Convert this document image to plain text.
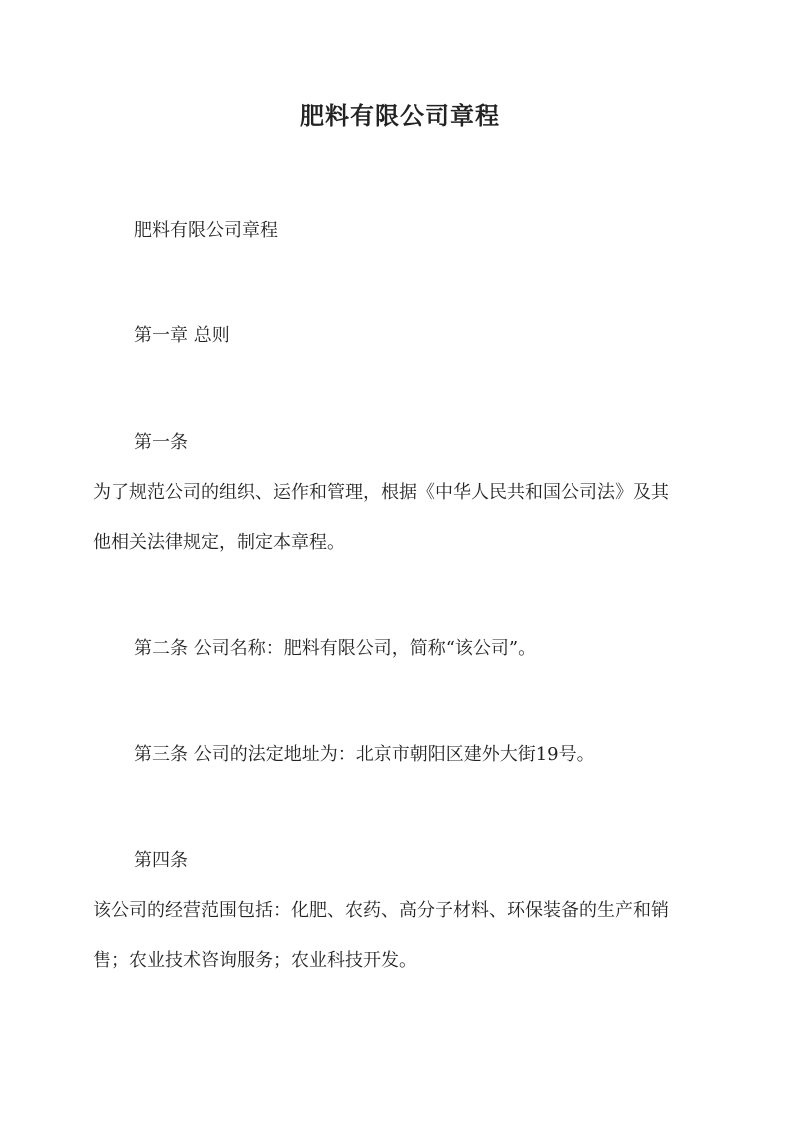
肥料有限公司章程
肥料有限公司章程
第一章 总则
第一条
为了规范公司的组织、运作和管理，根据《中华人民共和国公司法》及其
他相关法律规定，制定本章程。
第二条 公司名称：肥料有限公司，简称“该公司”。
第三条 公司的法定地址为：北京市朝阳区建外大街19号。
第四条
该公司的经营范围包括：化肥、农药、高分子材料、环保装备的生产和销
售；农业技术咨询服务；农业科技开发。
